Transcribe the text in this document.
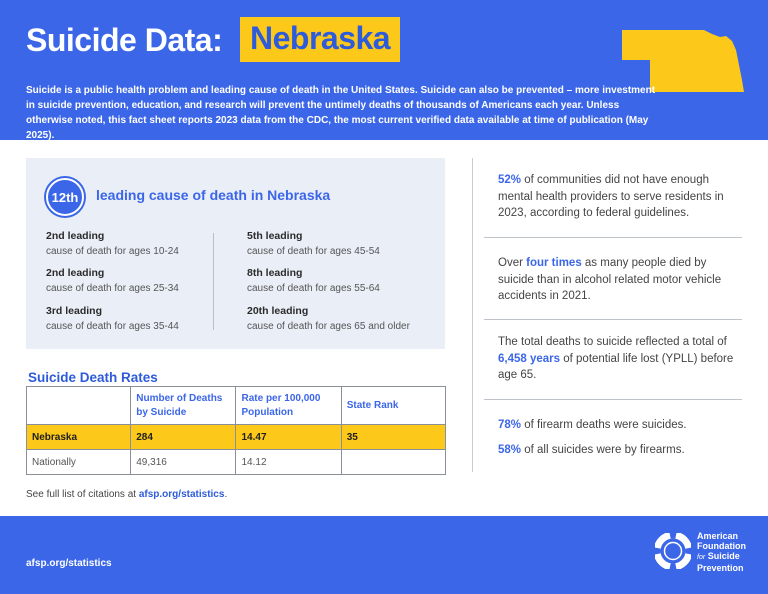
Suicide Data: Nebraska
Suicide is a public health problem and leading cause of death in the United States. Suicide can also be prevented – more investment in suicide prevention, education, and research will prevent the untimely deaths of thousands of Americans each year. Unless otherwise noted, this fact sheet reports 2023 data from the CDC, the most current verified data available at time of publication (May 2025).
12th	leading cause of death in Nebraska
2nd leading
cause of death for ages 10-24
2nd leading
cause of death for ages 25-34
3rd leading
cause of death for ages 35-44
5th leading
cause of death for ages 45-54
8th leading
cause of death for ages 55-64
20th leading
cause of death for ages 65 and older
Suicide Death Rates
	Number of Deaths by Suicide	Rate per 100,000 Population	State Rank
Nebraska	284	14.47	35
Nationally	49,316	14.12	
See full list of citations at afsp.org/statistics.
52% of communities did not have enough mental health providers to serve residents in 2023, according to federal guidelines.
Over four times as many people died by suicide than in alcohol related motor vehicle accidents in 2021.
The total deaths to suicide reflected a total of 6,458 years of potential life lost (YPLL) before age 65.
78% of firearm deaths were suicides.
58% of all suicides were by firearms.
afsp.org/statistics
American
Foundation
for Suicide
Prevention
